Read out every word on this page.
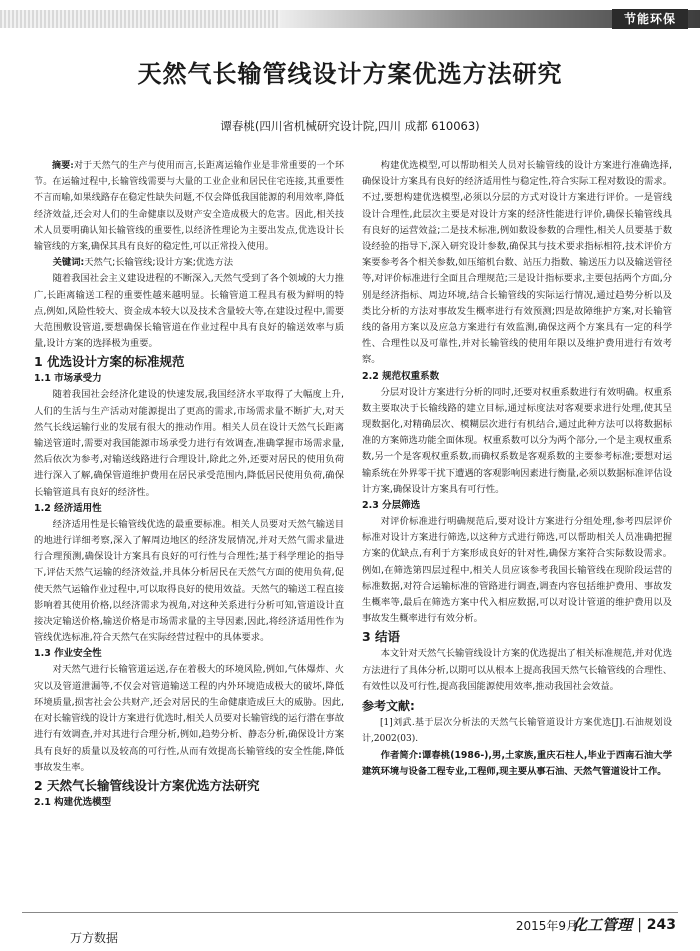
节能环保
天然气长输管线设计方案优选方法研究
谭春桃(四川省机械研究设计院,四川 成都 610063)

摘要:对于天然气的生产与使用而言,长距离运输作业是非常重要的一个环节。在运输过程中,长输管线需要与大量的工业企业和居民住宅连接,其重要性不言而喻,如果线路存在稳定性缺失问题,不仅会降低我国能源的利用效率,降低经济效益,还会对人们的生命健康以及财产安全造成极大的危害。因此,相关技术人员要明确认知长输管线的重要性,以经济性理论为主要出发点,优选设计长输管线的方案,确保其具有良好的稳定性,可以正常投入使用。

关键词:天然气;长输管线;设计方案;优选方法

随着我国社会主义建设进程的不断深入,天然气受到了各个领域的大力推广,长距离输送工程的重要性越来越明显。长输管道工程具有极为鲜明的特点,例如,风险性较大、资金成本较大以及技术含量较大等,在建设过程中,需要大范围敷设管道,要想确保长输管道在作业过程中具有良好的输送效率与质量,设计方案的选择极为重要。

1 优选设计方案的标准规范
1.1 市场承受力

随着我国社会经济化建设的快速发展,我国经济水平取得了大幅度上升,人们的生活与生产活动对能源提出了更高的需求,市场需求量不断扩大,对天然气长线运输行业的发展有很大的推动作用。相关人员在设计天然气长距离输送管道时,需要对我国能源市场承受力进行有效调查,准确掌握市场需求量,然后依次为参考,对输送线路进行合理设计,除此之外,还要对居民的使用负荷进行深入了解,确保管道维护费用在居民承受范围内,降低居民使用负荷,确保长输管道具有良好的经济性。

1.2 经济适用性

经济适用性是长输管线优选的最重要标准。相关人员要对天然气输送目的地进行详细考察,深入了解周边地区的经济发展情况,并对天然气需求量进行合理预测,确保设计方案具有良好的可行性与合理性;基于科学理论的指导下,评估天然气运输的经济效益,并具体分析居民在天然气方面的使用负荷,促使天然气运输作业过程中,可以取得良好的使用效益。天然气的输送工程直接影响着其使用价格,以经济需求为视角,对这种关系进行分析可知,管道设计直接决定输送价格,输送价格是市场需求量的主导因素,因此,将经济适用性作为管线优选标准,符合天然气在实际经营过程中的具体要求。

1.3 作业安全性

对天然气进行长输管道运送,存在着极大的环境风险,例如,气体爆炸、火灾以及管道泄漏等,不仅会对管道输送工程的内外环境造成极大的破坏,降低环境质量,损害社会公共财产,还会对居民的生命健康造成巨大的威胁。因此,在对长输管线的设计方案进行优选时,相关人员要对长输管线的运行潜在事故进行有效调查,并对其进行合理分析,例如,趋势分析、静态分析,确保设计方案具有良好的质量以及较高的可行性,从而有效提高长输管线的安全性能,降低事故发生率。

2 天然气长输管线设计方案优选方法研究
2.1 构建优选模型

构建优选模型,可以帮助相关人员对长输管线的设计方案进行准确选择,确保设计方案具有良好的经济适用性与稳定性,符合实际工程对数设的需求。不过,要想构建优选模型,必须以分层的方式对设计方案进行评价。一是管线设计合理性,此层次主要是对设计方案的经济性能进行评价,确保长输管线具有良好的运营效益;二是技术标准,例如数设参数的合理性,相关人员要基于数设经验的指导下,深入研究设计参数,确保其与技术要求指标相符,技术评价方案要参考各个相关参数,如压缩机台数、站压力指数、输送压力以及输送管径等,对评价标准进行全面且合理规范;三是设计指标要求,主要包括两个方面,分别是经济指标、周边环境,结合长输管线的实际运行情况,通过趋势分析以及类比分析的方法对事故发生概率进行有效预测;四是故障维护方案,对长输管线的备用方案以及应急方案进行有效监测,确保这两个方案具有一定的科学性、合理性以及可靠性,并对长输管线的使用年限以及维护费用进行有效考察。

2.2 规范权重系数

分层对设计方案进行分析的同时,还要对权重系数进行有效明确。权重系数主要取决于长输线路的建立目标,通过标度法对客观要求进行处理,使其呈现数据化,对精确层次、模糊层次进行有机结合,通过此种方法可以将数据标准的方案筛选功能全面体现。权重系数可以分为两个部分,一个是主观权重系数,另一个是客观权重系数,而确权系数是客观系数的主要参考标准;要想对运输系统在外界零干扰下遭遇的客观影响因素进行衡量,必须以数据标准评估设计方案,确保设计方案具有可行性。

2.3 分层筛选

对评价标准进行明确规范后,要对设计方案进行分组处理,参考四层评价标准对设计方案进行筛选,以这种方式进行筛选,可以帮助相关人员准确把握方案的优缺点,有利于方案形成良好的针对性,确保方案符合实际数设需求。例如,在筛选第四层过程中,相关人员应该参考我国长输管线在现阶段运营的标准数据,对符合运输标准的管路进行调查,调查内容包括维护费用、事故发生概率等,最后在筛选方案中代入相应数据,可以对设计管道的维护费用以及事故发生概率进行有效分析。

3 结语

本文针对天然气长输管线设计方案的优选提出了相关标准规范,并对优选方法进行了具体分析,以期可以从根本上提高我国天然气长输管线的合理性、有效性以及可行性,提高我国能源使用效率,推动我国社会效益。

参考文献:

[1]刘武.基于层次分析法的天然气长输管道设计方案优选[J].石油规划设计,2002(03).

作者简介:谭春桃(1986-),男,土家族,重庆石柱人,毕业于西南石油大学建筑环境与设备工程专业,工程师,现主要从事石油、天然气管道设计工作。

2015年9月
化工管理 | 243
万方数据
